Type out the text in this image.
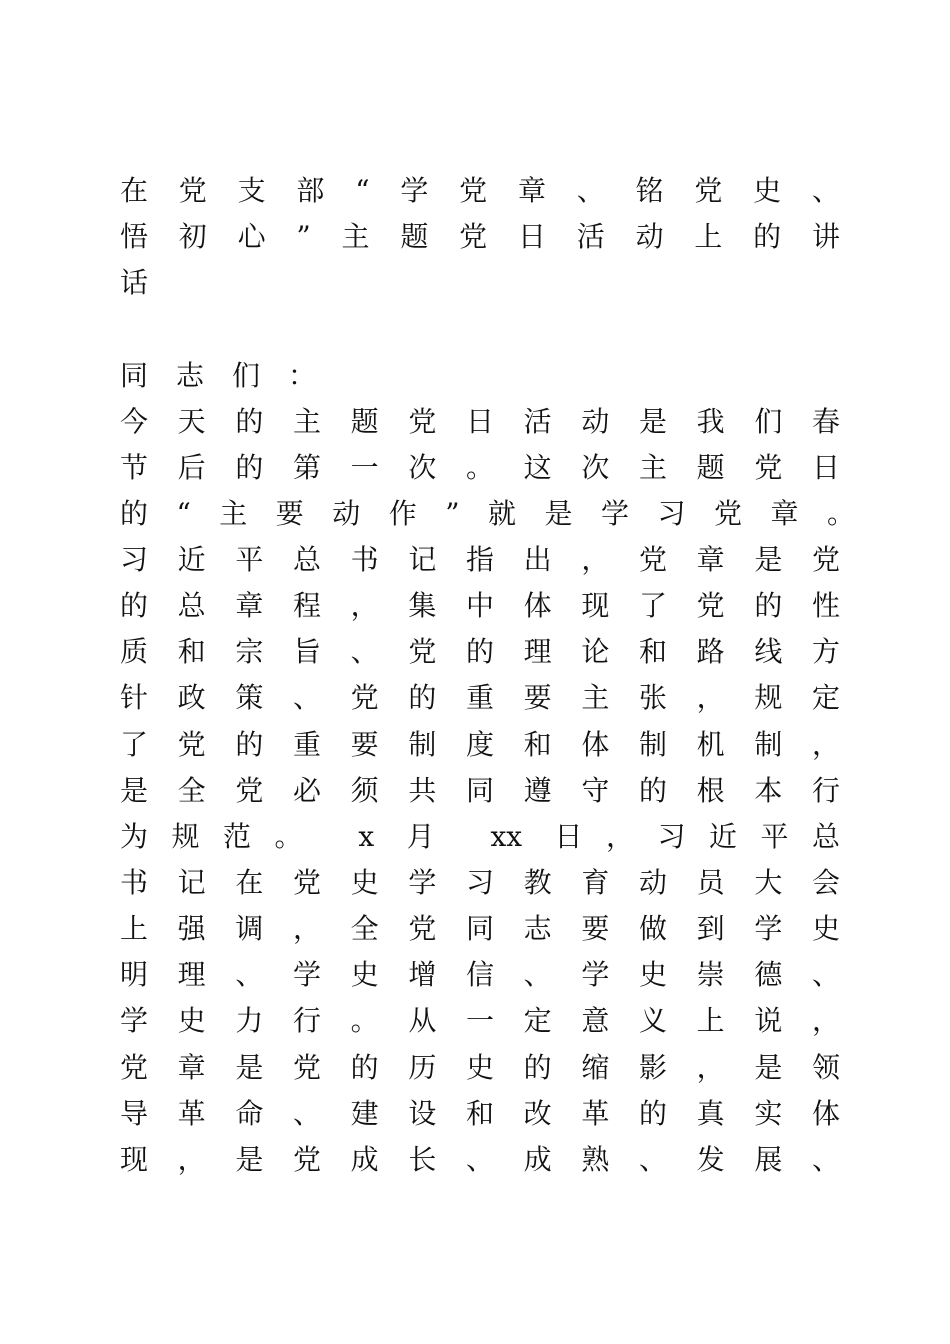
在党支部“学党章、铭党史、
悟初心”主题党日活动上的讲
话
同志们：
今天的主题党日活动是我们春
节后的第一次。这次主题党日
的“主要动作”就是学习党章。
习近平总书记指出，党章是党
的总章程，集中体现了党的性
质和宗旨、党的理论和路线方
针政策、党的重要主张，规定
了党的重要制度和体制机制，
是全党必须共同遵守的根本行
为规范。 x 月 xx 日，习近平总
书记在党史学习教育动员大会
上强调，全党同志要做到学史
明理、学史增信、学史崇德、
学史力行。从一定意义上说，
党章是党的历史的缩影，是领
导革命、建设和改革的真实体
现，是党成长、成熟、发展、
